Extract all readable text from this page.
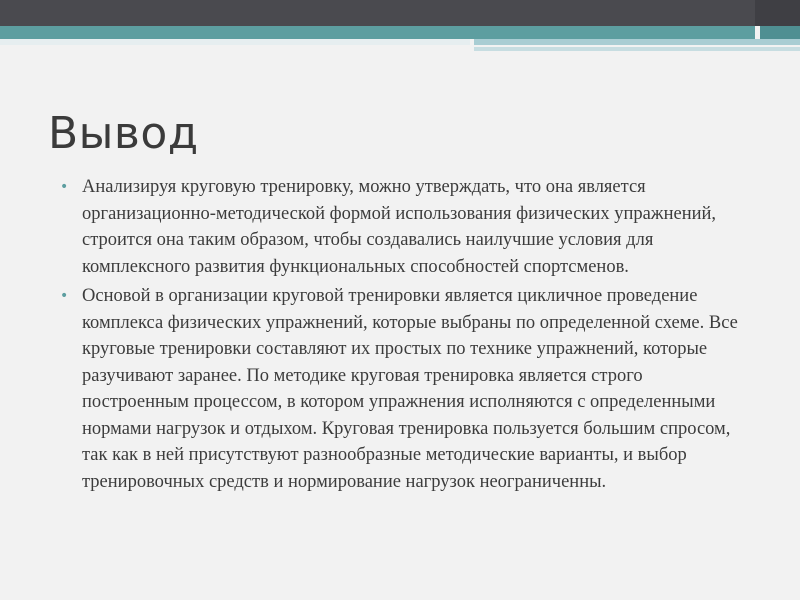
Вывод
• Анализируя круговую тренировку, можно утверждать, что она является организационно-методической формой использования физических упражнений, строится она таким образом, чтобы создавались наилучшие условия для комплексного развития функциональных способностей спортсменов.
• Основой в организации круговой тренировки является цикличное проведение комплекса физических упражнений, которые выбраны по определенной схеме. Все круговые тренировки составляют их простых по технике упражнений, которые разучивают заранее. По методике круговая тренировка является строго построенным процессом, в котором упражнения исполняются с определенными нормами нагрузок и отдыхом. Круговая тренировка пользуется большим спросом, так как в ней присутствуют разнообразные методические варианты, и выбор тренировочных средств и нормирование нагрузок неограниченны.
